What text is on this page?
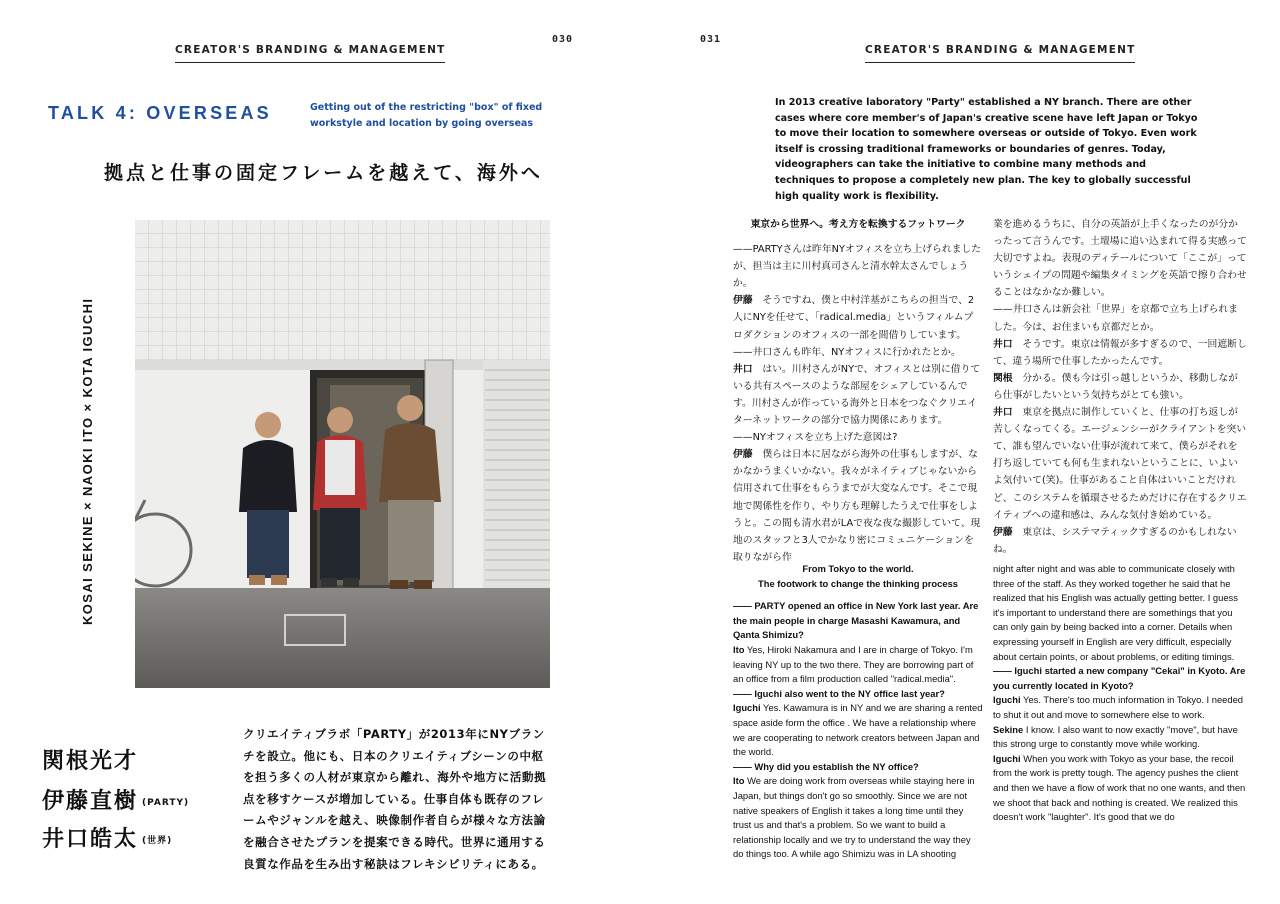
CREATOR'S BRANDING & MANAGEMENT
030
TALK 4: OVERSEAS	Getting out of the restricting "box" of fixed workstyle and location by going overseas
拠点と仕事の固定フレームを越えて、海外へ
KOSAI SEKINE × NAOKI ITO × KOTA IGUCHI
関根光才
伊藤直樹 (PARTY)
井口皓太 (世界)
クリエイティブラボ「PARTY」が2013年にNYブランチを設立。他にも、日本のクリエイティブシーンの中枢を担う多くの人材が東京から離れ、海外や地方に活動拠点を移すケースが増加している。仕事自体も既存のフレームやジャンルを越え、映像制作者自らが様々な方法論を融合させたプランを提案できる時代。世界に通用する良質な作品を生み出す秘訣はフレキシビリティにある。
031
CREATOR'S BRANDING & MANAGEMENT
In 2013 creative laboratory "Party" established a NY branch. There are other cases where core member's of Japan's creative scene have left Japan or Tokyo to move their location to somewhere overseas or outside of Tokyo. Even work itself is crossing traditional frameworks or boundaries of genres. Today, videographers can take the initiative to combine many methods and techniques to propose a completely new plan. The key to globally successful high quality work is flexibility.

東京から世界へ。考え方を転換するフットワーク

——PARTYさんは昨年NYオフィスを立ち上げられましたが、担当は主に川村真司さんと清水幹太さんでしょうか。

伊藤　 そうですね、僕と中村洋基がこちらの担当で、2人にNYを任せて、「radical.media」というフィルムプロダクションのオフィスの一部を間借りしています。

——井口さんも昨年、NYオフィスに行かれたとか。

井口　 はい。川村さんがNYで、オフィスとは別に借りている共有スペースのような部屋をシェアしているんです。川村さんが作っている海外と日本をつなぐクリエイターネットワークの部分で協力関係にあります。

——NYオフィスを立ち上げた意図は?

伊藤　 僕らは日本に居ながら海外の仕事もしますが、なかなかうまくいかない。我々がネイティブじゃないから信用されて仕事をもらうまでが大変なんです。そこで現地で関係性を作り、やり方も理解したうえで仕事をしようと。この間も清水君がLAで夜な夜な撮影していて、現地のスタッフと3人でかなり密にコミュニケーションを取りながら作

業を進めるうちに、自分の英語が上手くなったのが分かったって言うんです。土壇場に追い込まれて得る実感って大切ですよね。表現のディテールについて「ここが」っていうシェイプの問題や編集タイミングを英語で擦り合わせることはなかなか難しい。

——井口さんは新会社「世界」を京都で立ち上げられました。今は、お住まいも京都だとか。

井口　 そうです。東京は情報が多すぎるので、一回遮断して、違う場所で仕事したかったんです。

関根　 分かる。僕も今は引っ越しというか、移動しながら仕事がしたいという気持ちがとても強い。

井口　 東京を拠点に制作していくと、仕事の打ち返しが苦しくなってくる。エージェンシーがクライアントを突いて、誰も望んでいない仕事が流れて来て、僕らがそれを打ち返していても何も生まれないということに、いよいよ気付いて(笑)。仕事があること自体はいいことだけれど、このシステムを循環させるためだけに存在するクリエイティブへの違和感は、みんな気付き始めている。

伊藤　 東京は、システマティックすぎるのかもしれないね。

From Tokyo to the world.

The footwork to change the thinking process

—— PARTY opened an office in New York last year. Are the main people in charge Masashi Kawamura, and Qanta Shimizu?

Ito Yes, Hiroki Nakamura and I are in charge of Tokyo. I'm leaving NY up to the two there. They are borrowing part of an office from a film production called "radical.media".

—— Iguchi also went to the NY office last year?

Iguchi Yes. Kawamura is in NY and we are sharing a rented space aside form the office . We have a relationship where we are cooperating to network creators between Japan and the world.

—— Why did you establish the NY office?

Ito We are doing work from overseas while staying here in Japan, but things don't go so smoothly. Since we are not native speakers of English it takes a long time until they trust us and that's a problem. So we want to build a relationship locally and we try to understand the way they do things too. A while ago Shimizu was in LA shooting

night after night and was able to communicate closely with three of the staff. As they worked together he said that he realized that his English was actually getting better. I guess it's important to understand there are somethings that you can only gain by being backed into a corner. Details when expressing yourself in English are very difficult, especially about certain points, or about problems, or editing timings.

—— Iguchi started a new company "Cekai" in Kyoto. Are you currently located in Kyoto?

Iguchi Yes. There's too much information in Tokyo. I needed to shut it out and move to somewhere else to work.

Sekine I know. I also want to now exactly "move", but have this strong urge to constantly move while working.

Iguchi When you work with Tokyo as your base, the recoil from the work is pretty tough. The agency pushes the client and then we have a flow of work that no one wants, and then we shoot that back and nothing is created. We realized this doesn't work "laughter". It's good that we do
